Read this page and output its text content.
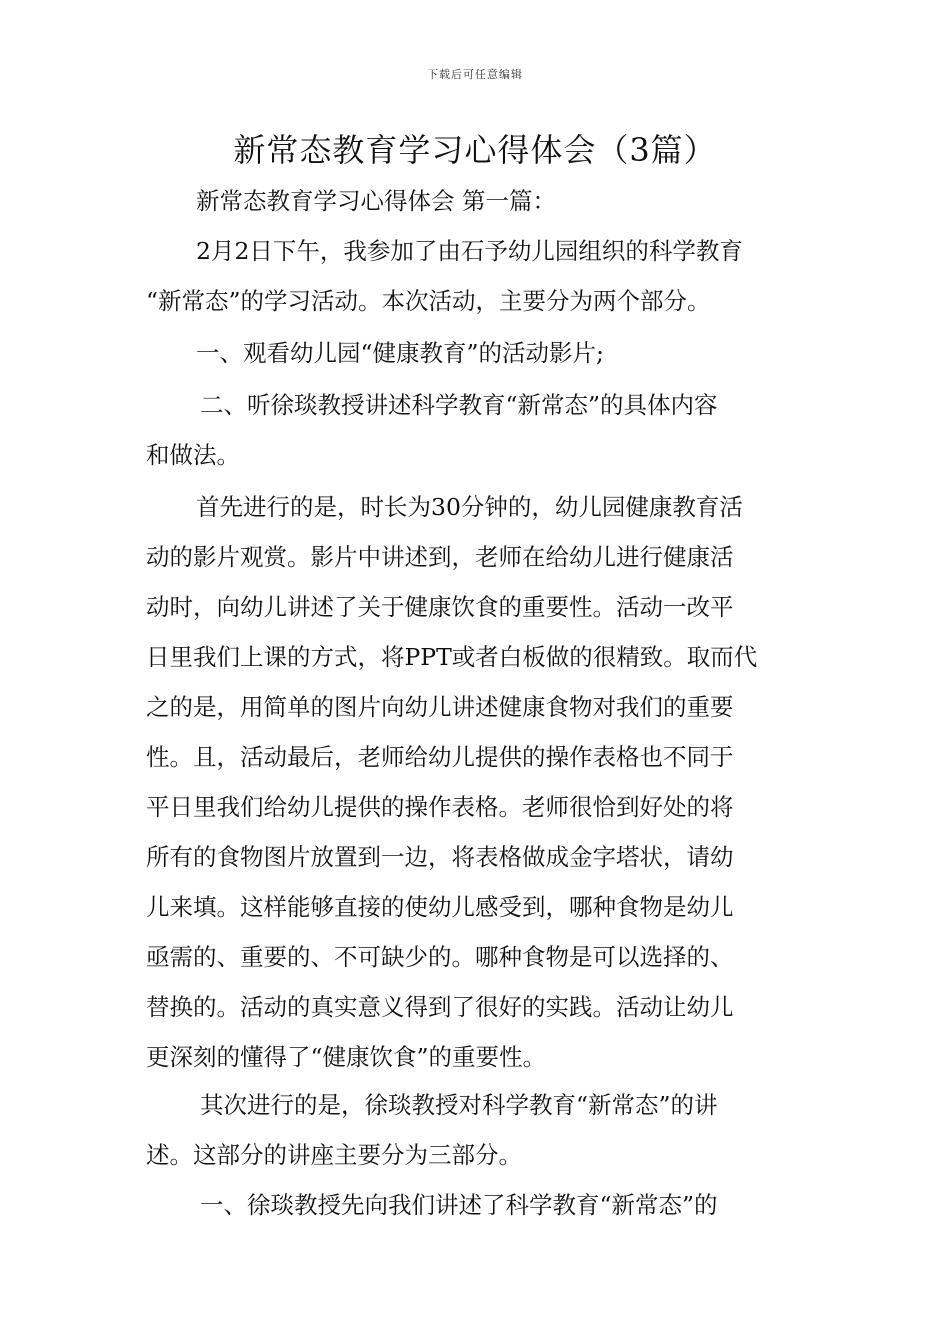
下载后可任意编辑
新常态教育学习心得体会（3篇）
新常态教育学习心得体会 第一篇：
2月2日下午，我参加了由石予幼儿园组织的科学教育
“新常态”的学习活动。本次活动，主要分为两个部分。
一、观看幼儿园“健康教育”的活动影片;
二、听徐琰教授讲述科学教育“新常态”的具体内容
和做法。
首先进行的是，时长为30分钟的，幼儿园健康教育活
动的影片观赏。影片中讲述到，老师在给幼儿进行健康活
动时，向幼儿讲述了关于健康饮食的重要性。活动一改平
日里我们上课的方式，将PPT或者白板做的很精致。取而代
之的是，用简单的图片向幼儿讲述健康食物对我们的重要
性。且，活动最后，老师给幼儿提供的操作表格也不同于
平日里我们给幼儿提供的操作表格。老师很恰到好处的将
所有的食物图片放置到一边，将表格做成金字塔状，请幼
儿来填。这样能够直接的使幼儿感受到，哪种食物是幼儿
亟需的、重要的、不可缺少的。哪种食物是可以选择的、
替换的。活动的真实意义得到了很好的实践。活动让幼儿
更深刻的懂得了“健康饮食”的重要性。
其次进行的是，徐琰教授对科学教育“新常态”的讲
述。这部分的讲座主要分为三部分。
一、徐琰教授先向我们讲述了科学教育“新常态”的
